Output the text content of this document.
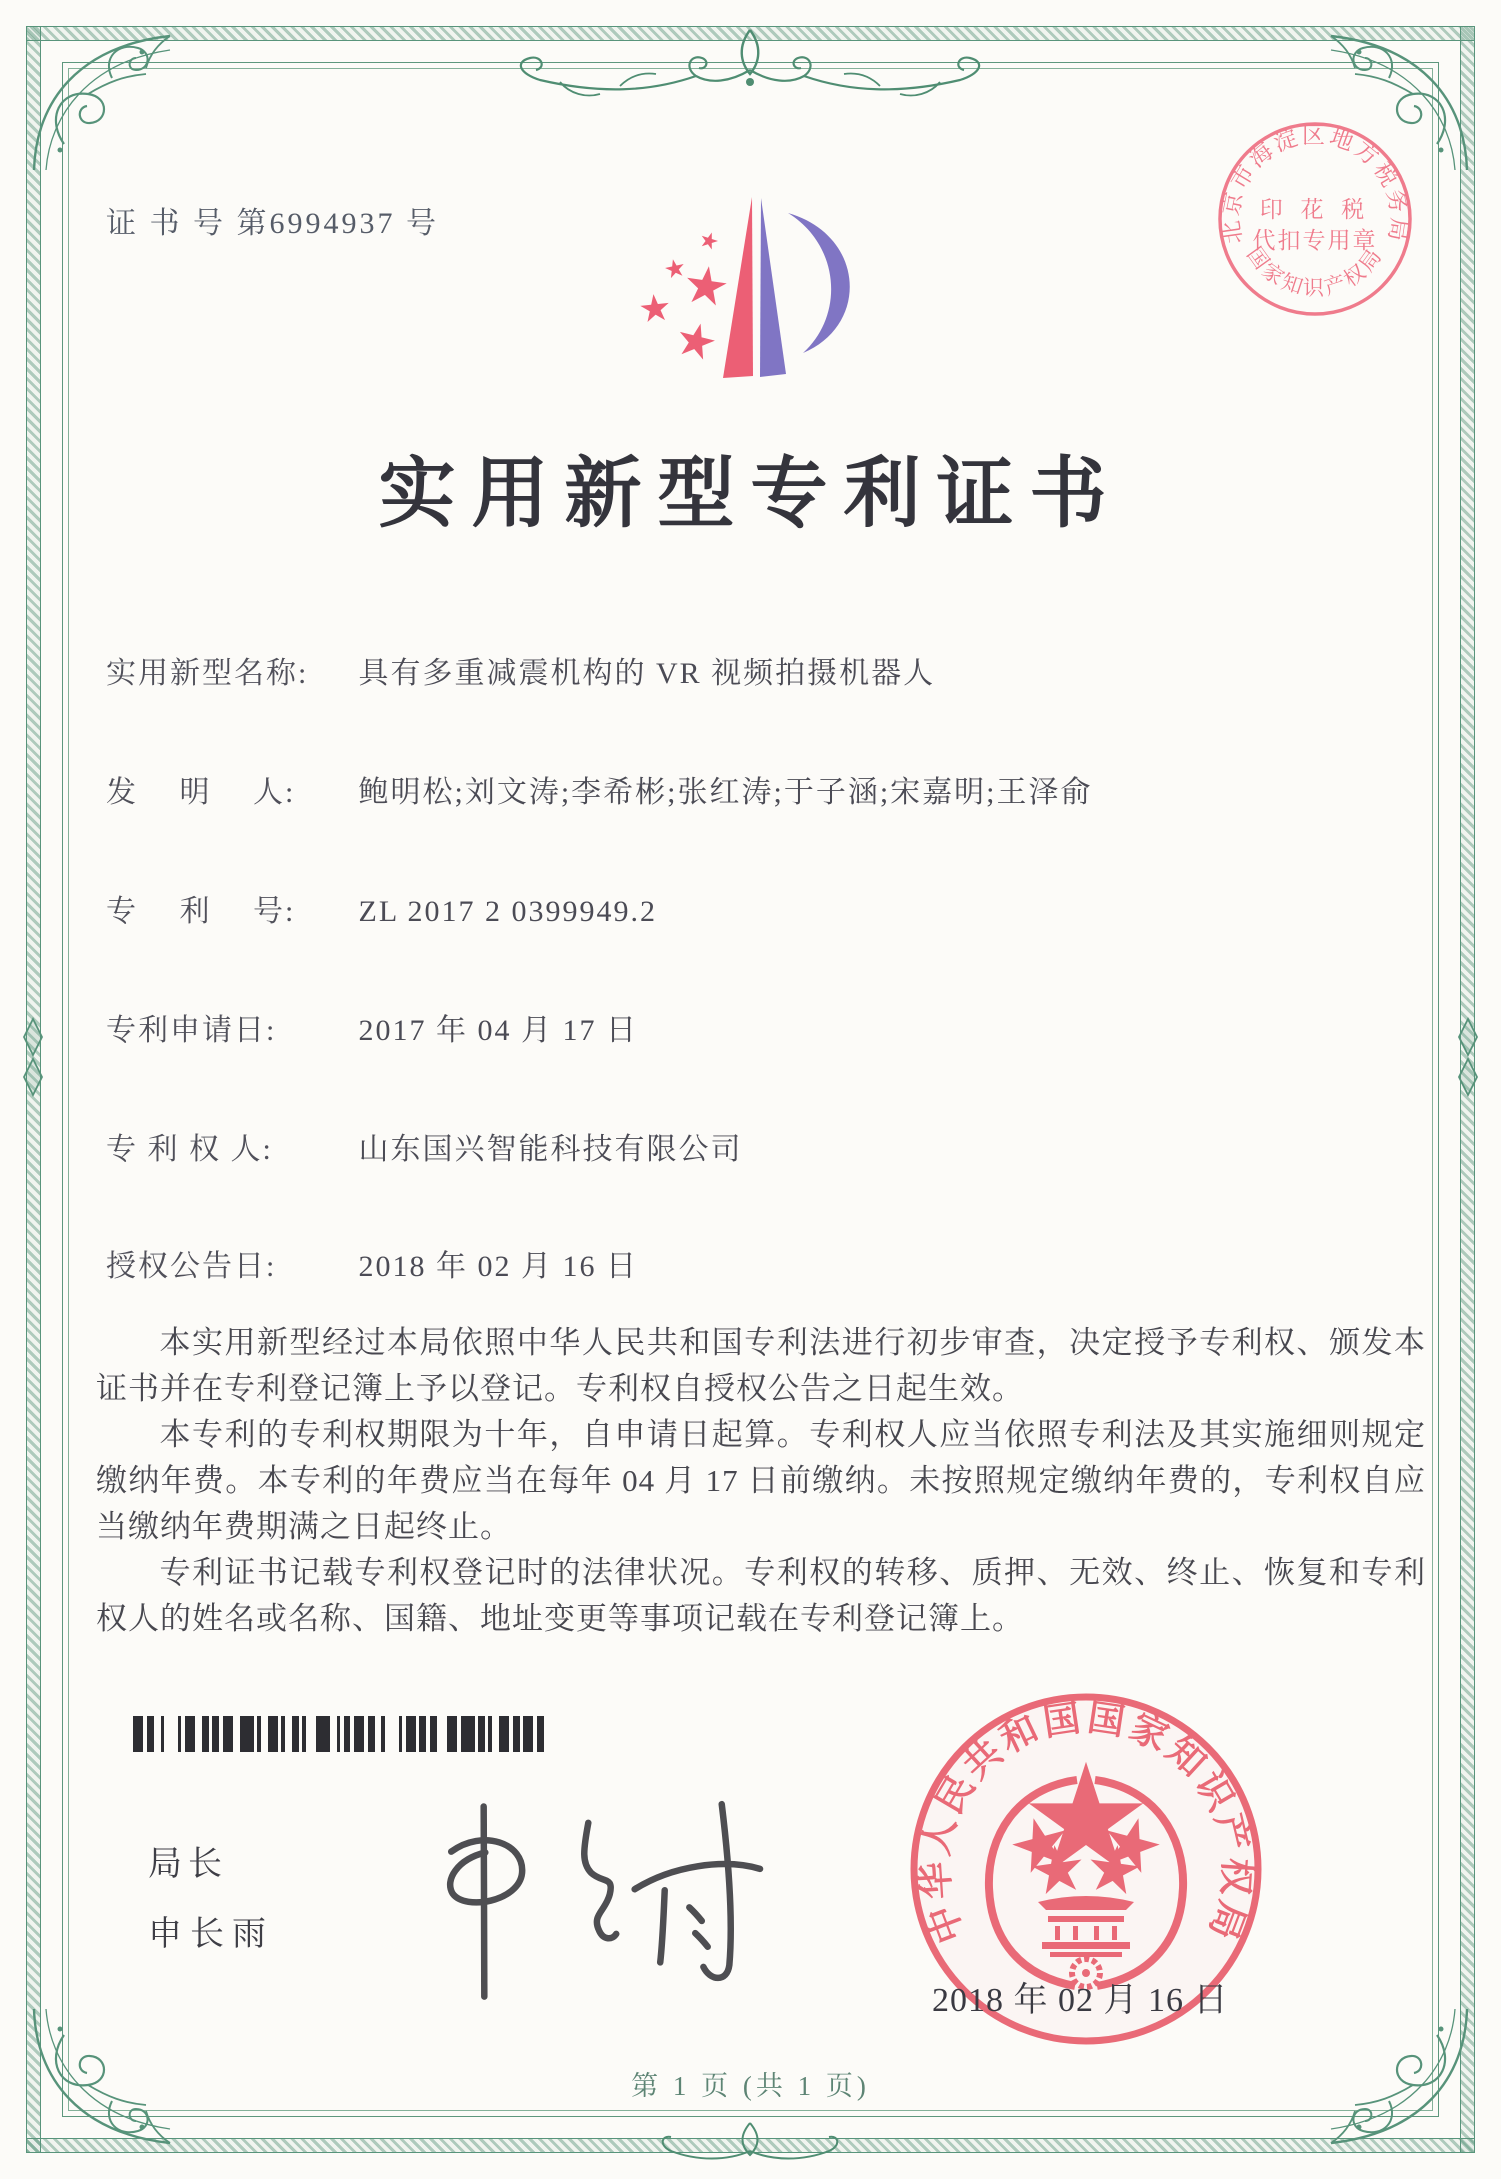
证 书 号 第6994937 号	北京市海淀区地方税务局
国家知识产权局
印 花 税
代扣专用章
实用新型专利证书
实用新型名称: 具有多重减震机构的 VR 视频拍摄机器人
发　 明　 人: 鲍明松;刘文涛;李希彬;张红涛;于子涵;宋嘉明;王泽俞
专　 利　 号: ZL 2017 2 0399949.2
专利申请日:	2017 年 04 月 17 日
专 利 权 人:	山东国兴智能科技有限公司
授权公告日:	2018 年 02 月 16 日

本实用新型经过本局依照中华人民共和国专利法进行初步审查，决定授予专利权、颁发本证书并在专利登记簿上予以登记。专利权自授权公告之日起生效。

本专利的专利权期限为十年，自申请日起算。专利权人应当依照专利法及其实施细则规定缴纳年费。本专利的年费应当在每年 04 月 17 日前缴纳。未按照规定缴纳年费的，专利权自应当缴纳年费期满之日起终止。

专利证书记载专利权登记时的法律状况。专利权的转移、质押、无效、终止、恢复和专利权人的姓名或名称、国籍、地址变更等事项记载在专利登记簿上。

局长
申长雨	中华人民共和国国家知识产权局
2018 年 02 月 16 日
第 1 页 (共 1 页)
